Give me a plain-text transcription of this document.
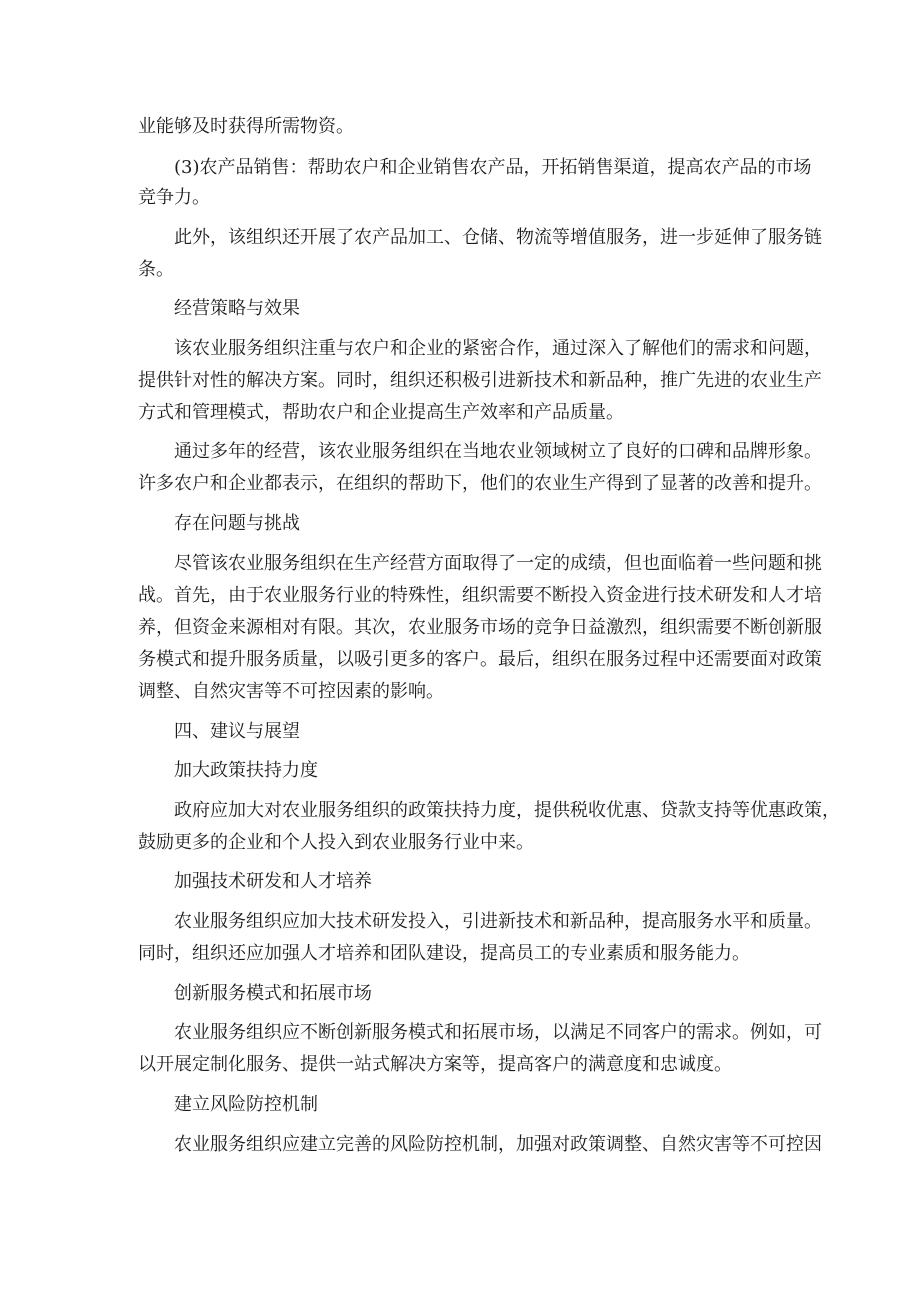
业能够及时获得所需物资。
(3)农产品销售：帮助农户和企业销售农产品，开拓销售渠道，提高农产品的市场
竞争力。
此外，该组织还开展了农产品加工、仓储、物流等增值服务，进一步延伸了服务链
条。
经营策略与效果
该农业服务组织注重与农户和企业的紧密合作，通过深入了解他们的需求和问题，
提供针对性的解决方案。同时，组织还积极引进新技术和新品种，推广先进的农业生产
方式和管理模式，帮助农户和企业提高生产效率和产品质量。
通过多年的经营，该农业服务组织在当地农业领域树立了良好的口碑和品牌形象。
许多农户和企业都表示，在组织的帮助下，他们的农业生产得到了显著的改善和提升。
存在问题与挑战
尽管该农业服务组织在生产经营方面取得了一定的成绩，但也面临着一些问题和挑
战。首先，由于农业服务行业的特殊性，组织需要不断投入资金进行技术研发和人才培
养，但资金来源相对有限。其次，农业服务市场的竞争日益激烈，组织需要不断创新服
务模式和提升服务质量，以吸引更多的客户。最后，组织在服务过程中还需要面对政策
调整、自然灾害等不可控因素的影响。
四、建议与展望
加大政策扶持力度
政府应加大对农业服务组织的政策扶持力度，提供税收优惠、贷款支持等优惠政策，
鼓励更多的企业和个人投入到农业服务行业中来。
加强技术研发和人才培养
农业服务组织应加大技术研发投入，引进新技术和新品种，提高服务水平和质量。
同时，组织还应加强人才培养和团队建设，提高员工的专业素质和服务能力。
创新服务模式和拓展市场
农业服务组织应不断创新服务模式和拓展市场，以满足不同客户的需求。例如，可
以开展定制化服务、提供一站式解决方案等，提高客户的满意度和忠诚度。
建立风险防控机制
农业服务组织应建立完善的风险防控机制，加强对政策调整、自然灾害等不可控因
